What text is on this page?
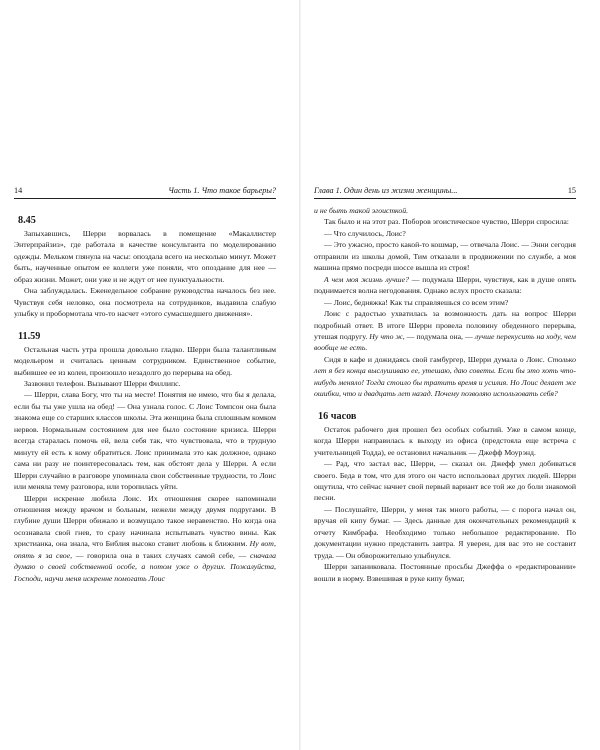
14	Часть 1. Что такое барьеры?
8.45

Запыхавшись, Шерри ворвалась в помещение «Макаллистер Энтерпрайзиз», где работала в качестве консультанта по моделированию одежды. Мельком глянула на часы: опоздала всего на несколько минут. Может быть, наученные опытом ее коллеги уже поняли, что опоздание для нее — образ жизни. Может, они уже и не ждут от нее пунктуальности.

Она заблуждалась. Еженедельное собрание руководства началось без нее. Чувствуя себя неловко, она посмотрела на сотрудников, выдавила слабую улыбку и пробормотала что-то насчет «этого сумасшедшего движения».

11.59

Остальная часть утра прошла довольно гладко. Шерри была талантливым модельером и считалась ценным сотрудником. Единственное событие, выбившее ее из колеи, произошло незадолго до перерыва на обед.

Зазвонил телефон. Вызывают Шерри Филлипс.

— Шерри, слава Богу, что ты на месте! Понятия не имею, что бы я делала, если бы ты уже ушла на обед! — Она узнала голос. С Лоис Томпсон она была знакома еще со старших классов школы. Эта женщина была сплошным комком нервов. Нормальным состоянием для нее было состояние кризиса. Шерри всегда старалась помочь ей, вела себя так, что чувствовала, что в трудную минуту ей есть к кому обратиться. Лоис принимала это как должное, однако сама ни разу не поинтересовалась тем, как обстоят дела у Шерри. А если Шерри случайно в разговоре упоминала свои собственные трудности, то Лоис или меняла тему разговора, или торопилась уйти.

Шерри искренне любила Лоис. Их отношения скорее напоминали отношения между врачом и больным, нежели между двумя подругами. В глубине души Шерри обижало и возмущало такое неравенство. Но когда она осознавала свой гнев, то сразу начинала испытывать чувство вины. Как христианка, она знала, что Библия высоко ставит любовь к ближним. Ну вот, опять я за свое, — говорила она в таких случаях самой себе, — сначала думаю о своей собственной особе, а потом уже о других. Пожалуйста, Господи, научи меня искренне помогать Лоис

Глава 1. Один день из жизни женщины...	15

и не быть такой эгоисткой.

Так было и на этот раз. Поборов эгоистическое чувство, Шерри спросила:

— Что случилось, Лоис?

— Это ужасно, просто какой-то кошмар, — отвечала Лоис. — Энни сегодня отправили из школы домой, Тим отказали в продвижении по службе, а моя машина прямо посреди шоссе вышла из строя!

А чем моя жизнь лучше? — подумала Шерри, чувствуя, как в душе опять поднимается волна негодования. Однако вслух просто сказала:

— Лоис, бедняжка! Как ты справляешься со всем этим?

Лоис с радостью ухватилась за возможность дать на вопрос Шерри подробный ответ. В итоге Шерри провела половину обеденного перерыва, утешая подругу. Ну что ж, — подумала она, — лучше перекусить на ходу, чем вообще не есть.

Сидя в кафе и дожидаясь свой гамбургер, Шерри думала о Лоис. Столько лет я без конца выслушиваю ее, утешаю, даю советы. Если бы это хоть что-нибудь меняло! Тогда стоило бы тратить время и усилия. Но Лоис делает же ошибки, что и двадцать лет назад. Почему позволяю использовать себя?

16 часов

Остаток рабочего дня прошел без особых событий. Уже в самом конце, когда Шерри направилась к выходу из офиса (предстояла еще встреча с учительницей Тодда), ее остановил начальник — Джефф Моурэнд.

— Рад, что застал вас, Шерри, — сказал он. Джефф умел добиваться своего. Беда в том, что для этого он часто использовал других людей. Шерри ощутила, что сейчас начнет свой первый вариант все той же до боли знакомой песни.

— Послушайте, Шерри, у меня так много работы, — с порога начал он, вручая ей кипу бумаг. — Здесь данные для окончательных рекомендаций к отчету Кимбрафа. Необходимо только небольшое редактирование. По документации нужно представить завтра. Я уверен, для вас это не составит труда. — Он обворожительно улыбнулся.

Шерри запаниковала. Постоянные просьбы Джеффа о «редактировании» вошли в норму. Взвешивая в руке кипу бумаг,
